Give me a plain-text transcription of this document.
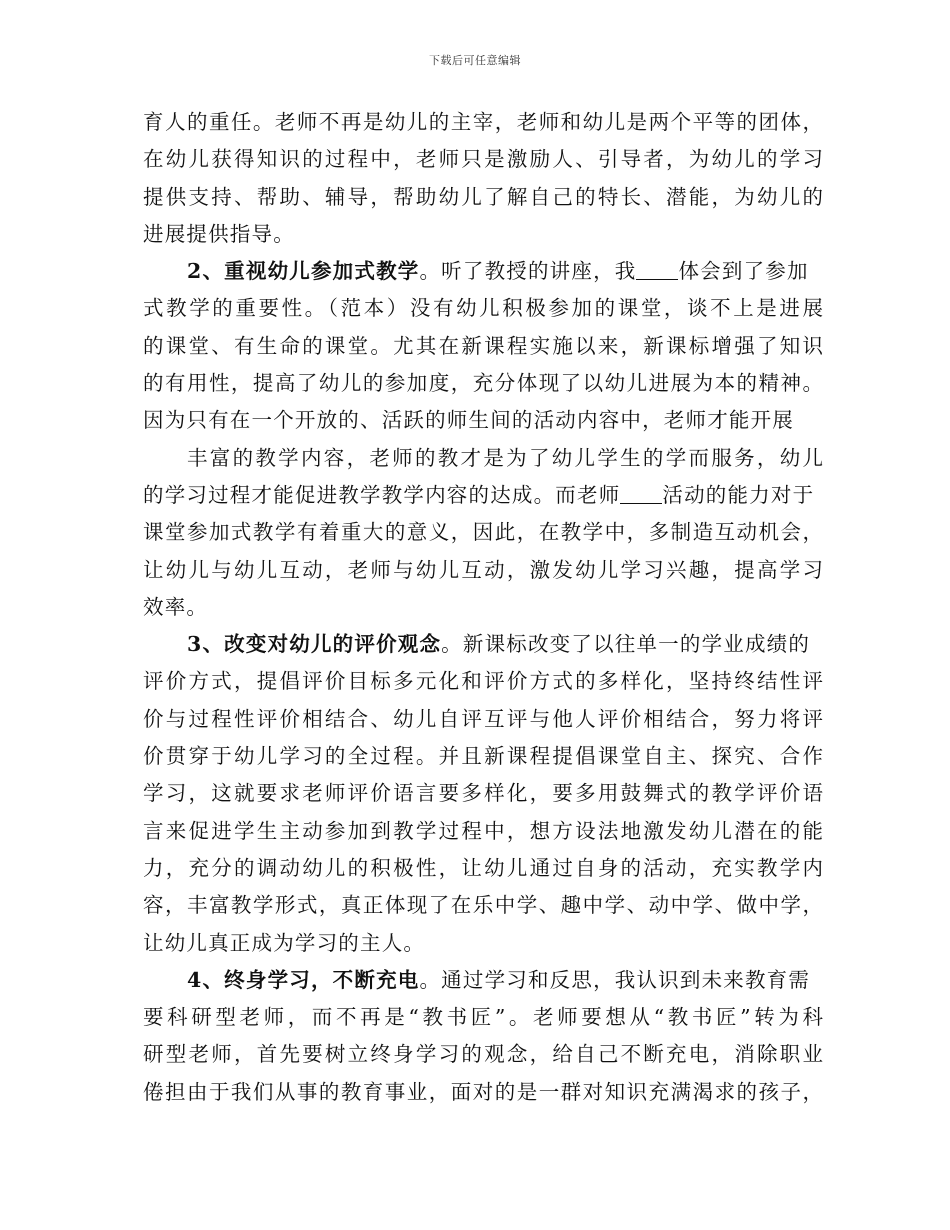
下载后可任意编辑
育人的重任。老师不再是幼儿的主宰，老师和幼儿是两个平等的团体，
在幼儿获得知识的过程中，老师只是激励人、引导者，为幼儿的学习
提供支持、帮助、辅导，帮助幼儿了解自己的特长、潜能，为幼儿的
进展提供指导。
2、重视幼儿参加式教学。听了教授的讲座，我 体会到了参加
式教学的重要性。（范本）没有幼儿积极参加的课堂，谈不上是进展
的课堂、有生命的课堂。尤其在新课程实施以来，新课标增强了知识
的有用性，提高了幼儿的参加度，充分体现了以幼儿进展为本的精神。
因为只有在一个开放的、活跃的师生间的活动内容中，老师才能开展
丰富的教学内容，老师的教才是为了幼儿学生的学而服务，幼儿
的学习过程才能促进教学教学内容的达成。而老师 活动的能力对于
课堂参加式教学有着重大的意义，因此，在教学中，多制造互动机会，
让幼儿与幼儿互动，老师与幼儿互动，激发幼儿学习兴趣，提高学习
效率。
3、改变对幼儿的评价观念。新课标改变了以往单一的学业成绩的
评价方式，提倡评价目标多元化和评价方式的多样化，坚持终结性评
价与过程性评价相结合、幼儿自评互评与他人评价相结合，努力将评
价贯穿于幼儿学习的全过程。并且新课程提倡课堂自主、探究、合作
学习，这就要求老师评价语言要多样化，要多用鼓舞式的教学评价语
言来促进学生主动参加到教学过程中，想方设法地激发幼儿潜在的能
力，充分的调动幼儿的积极性，让幼儿通过自身的活动，充实教学内
容，丰富教学形式，真正体现了在乐中学、趣中学、动中学、做中学，
让幼儿真正成为学习的主人。
4、终身学习，不断充电。通过学习和反思，我认识到未来教育需
要科研型老师，而不再是“教书匠”。老师要想从“教书匠”转为科
研型老师，首先要树立终身学习的观念，给自己不断充电，消除职业
倦担由于我们从事的教育事业，面对的是一群对知识充满渴求的孩子，
